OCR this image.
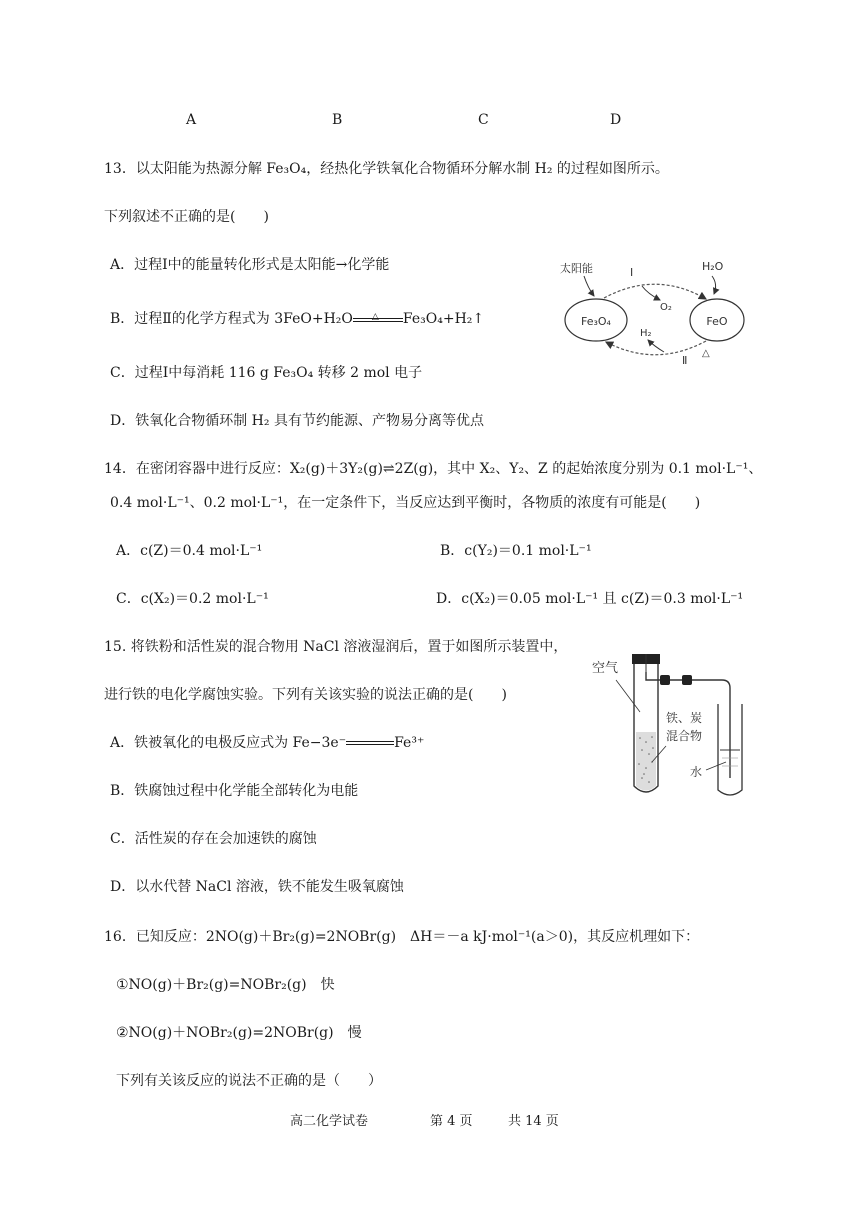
A	B	C	D
13．以太阳能为热源分解 Fe₃O₄，经热化学铁氧化合物循环分解水制 H₂ 的过程如图所示。
下列叙述不正确的是(　　)
A．过程Ⅰ中的能量转化形式是太阳能→化学能
B．过程Ⅱ的化学方程式为 3FeO+H₂O △ Fe₃O₄+H₂↑
C．过程Ⅰ中每消耗 116 g Fe₃O₄ 转移 2 mol 电子
D．铁氧化合物循环制 H₂ 具有节约能源、产物易分离等优点
Fe₃O₄	FeO
太阳能	Ⅰ
O₂
H₂O
H₂
Ⅱ
△
14．在密闭容器中进行反应：X₂(g)＋3Y₂(g)⇌2Z(g)，其中 X₂、Y₂、Z 的起始浓度分别为 0.1 mol·L⁻¹、
0.4 mol·L⁻¹、0.2 mol·L⁻¹，在一定条件下，当反应达到平衡时，各物质的浓度有可能是(　　)
A．c(Z)＝0.4 mol·L⁻¹	B．c(Y₂)＝0.1 mol·L⁻¹
C．c(X₂)＝0.2 mol·L⁻¹	D．c(X₂)＝0.05 mol·L⁻¹ 且 c(Z)＝0.3 mol·L⁻¹
15. 将铁粉和活性炭的混合物用 NaCl 溶液湿润后，置于如图所示装置中，
进行铁的电化学腐蚀实验。下列有关该实验的说法正确的是(　　)
A．铁被氧化的电极反应式为 Fe−3e⁻	Fe³⁺
B．铁腐蚀过程中化学能全部转化为电能
C．活性炭的存在会加速铁的腐蚀
D．以水代替 NaCl 溶液，铁不能发生吸氧腐蚀
空气
铁、炭
混合物
水
16．已知反应：2NO(g)＋Br₂(g)=2NOBr(g)　ΔH＝－a kJ·mol⁻¹(a＞0)，其反应机理如下：
①NO(g)＋Br₂(g)=NOBr₂(g)　快
②NO(g)＋NOBr₂(g)=2NOBr(g)　慢
下列有关该反应的说法不正确的是（　　）
高二化学试卷	第 4 页	共 14 页
